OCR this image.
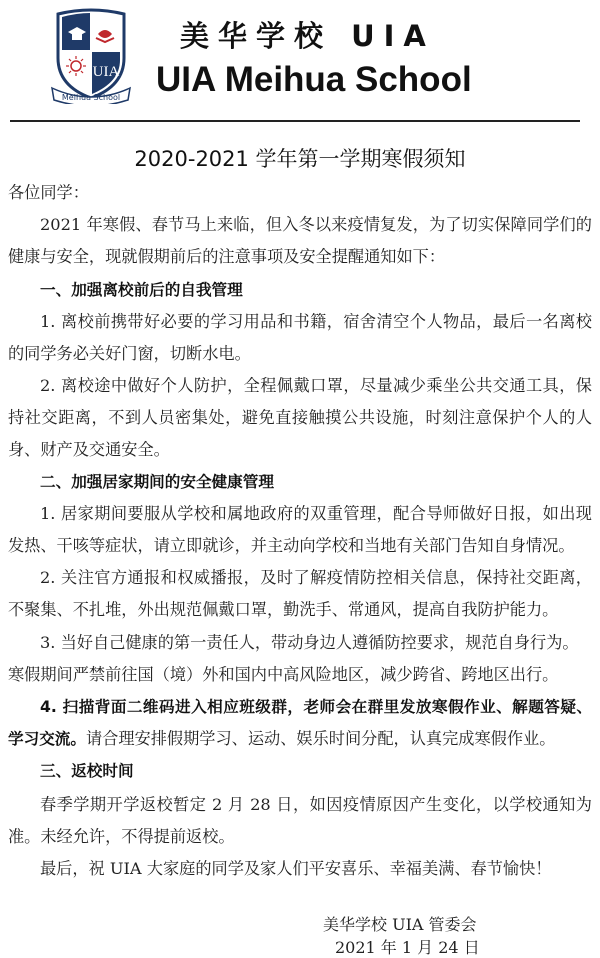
UIA
Meihua School
美华学校 UIA
UIA Meihua School
2020-2021 学年第一学期寒假须知
各位同学：
2021 年寒假、春节马上来临，但入冬以来疫情复发，为了切实保障同学们的
健康与安全，现就假期前后的注意事项及安全提醒通知如下：
一、加强离校前后的自我管理
1. 离校前携带好必要的学习用品和书籍，宿舍清空个人物品，最后一名离校
的同学务必关好门窗，切断水电。
2. 离校途中做好个人防护，全程佩戴口罩，尽量减少乘坐公共交通工具，保
持社交距离，不到人员密集处，避免直接触摸公共设施，时刻注意保护个人的人
身、财产及交通安全。
二、加强居家期间的安全健康管理
1. 居家期间要服从学校和属地政府的双重管理，配合导师做好日报，如出现
发热、干咳等症状，请立即就诊，并主动向学校和当地有关部门告知自身情况。
2. 关注官方通报和权威播报，及时了解疫情防控相关信息，保持社交距离，
不聚集、不扎堆，外出规范佩戴口罩，勤洗手、常通风，提高自我防护能力。
3. 当好自己健康的第一责任人，带动身边人遵循防控要求，规范自身行为。
寒假期间严禁前往国（境）外和国内中高风险地区，减少跨省、跨地区出行。
4. 扫描背面二维码进入相应班级群，老师会在群里发放寒假作业、解题答疑、
学习交流。请合理安排假期学习、运动、娱乐时间分配，认真完成寒假作业。
三、返校时间
春季学期开学返校暂定 2 月 28 日，如因疫情原因产生变化，以学校通知为
准。未经允许，不得提前返校。
最后，祝 UIA 大家庭的同学及家人们平安喜乐、幸福美满、春节愉快！
美华学校 UIA 管委会
2021 年 1 月 24 日
